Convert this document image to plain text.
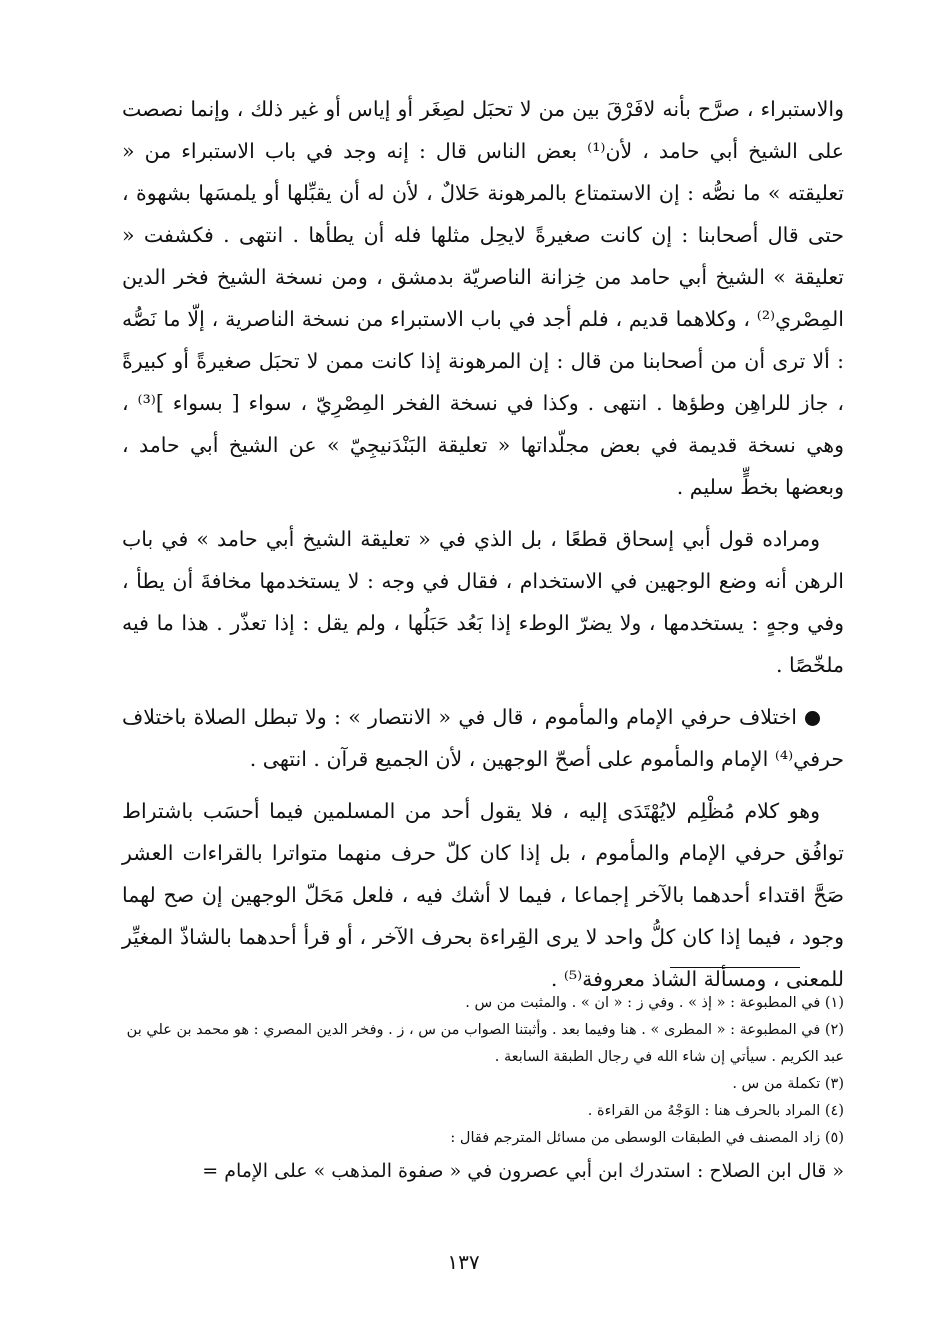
والاستبراء ، صرَّح بأنه لافَرْقَ بين من لا تحبَل لصِغَر أو إياس أو غير ذلك ، وإنما نصصت على الشيخ أبي حامد ، لأن⁽¹⁾ بعض الناس قال : إنه وجد في باب الاستبراء من « تعليقته » ما نصُّه : إن الاستمتاع بالمرهونة حَلالٌ ، لأن له أن يقبِّلها أو يلمسَها بشهوة ، حتى قال أصحابنا : إن كانت صغيرةً لايحِل مثلها فله أن يطأها . انتهى . فكشفت « تعليقة » الشيخ أبي حامد من خِزانة الناصريّة بدمشق ، ومن نسخة الشيخ فخر الدين المِصْري⁽²⁾ ، وكلاهما قديم ، فلم أجد في باب الاستبراء من نسخة الناصرية ، إلّا ما نَصُّه : ألا ترى أن من أصحابنا من قال : إن المرهونة إذا كانت ممن لا تحبَل صغيرةً أو كبيرةً ، جاز للراهِن وطؤها . انتهى . وكذا في نسخة الفخر المِصْرِيّ ، سواء [ بسواء ]⁽³⁾ ، وهي نسخة قديمة في بعض مجلّداتها « تعليقة البَنْدَنيجِيّ » عن الشيخ أبي حامد ، وبعضها بخطٍّ سليم .

ومراده قول أبي إسحاق قطعًا ، بل الذي في « تعليقة الشيخ أبي حامد » في باب الرهن أنه وضع الوجهين في الاستخدام ، فقال في وجه : لا يستخدمها مخافةَ أن يطأ ، وفي وجهٍ : يستخدمها ، ولا يضرّ الوطء إذا بَعُد حَبَلُها ، ولم يقل : إذا تعذّر . هذا ما فيه ملخّصًا .

اختلاف حرفي الإمام والمأموم ، قال في « الانتصار » : ولا تبطل الصلاة باختلاف حرفي⁽⁴⁾ الإمام والمأموم على أصحّ الوجهين ، لأن الجميع قرآن . انتهى .

وهو كلام مُظْلِم لايُهْتَدَى إليه ، فلا يقول أحد من المسلمين فيما أحسَب باشتراط توافُق حرفي الإمام والمأموم ، بل إذا كان كلّ حرف منهما متواترا بالقراءات العشر صَحَّ اقتداء أحدهما بالآخر إجماعا ، فيما لا أشك فيه ، فلعل مَحَلّ الوجهين إن صح لهما وجود ، فيما إذا كان كلُّ واحد لا يرى القِراءة بحرف الآخر ، أو قرأ أحدهما بالشاذّ المغيِّر للمعنى ، ومسألة الشاذ معروفة⁽⁵⁾ .

(١) في المطبوعة : « إذ » . وفي ز : « ان » . والمثبت من س .

(٢) في المطبوعة : « المطرى » . هنا وفيما بعد . وأثبتنا الصواب من س ، ز . وفخر الدين المصري : هو محمد بن علي بن عبد الكريم . سيأتي إن شاء الله في رجال الطبقة السابعة .

(٣) تكملة من س .

(٤) المراد بالحرف هنا : الوَجْهُ من القراءة .

(٥) زاد المصنف في الطبقات الوسطى من مسائل المترجم فقال :

« قال ابن الصلاح : استدرك ابن أبي عصرون في « صفوة المذهب » على الإمام =

١٣٧
